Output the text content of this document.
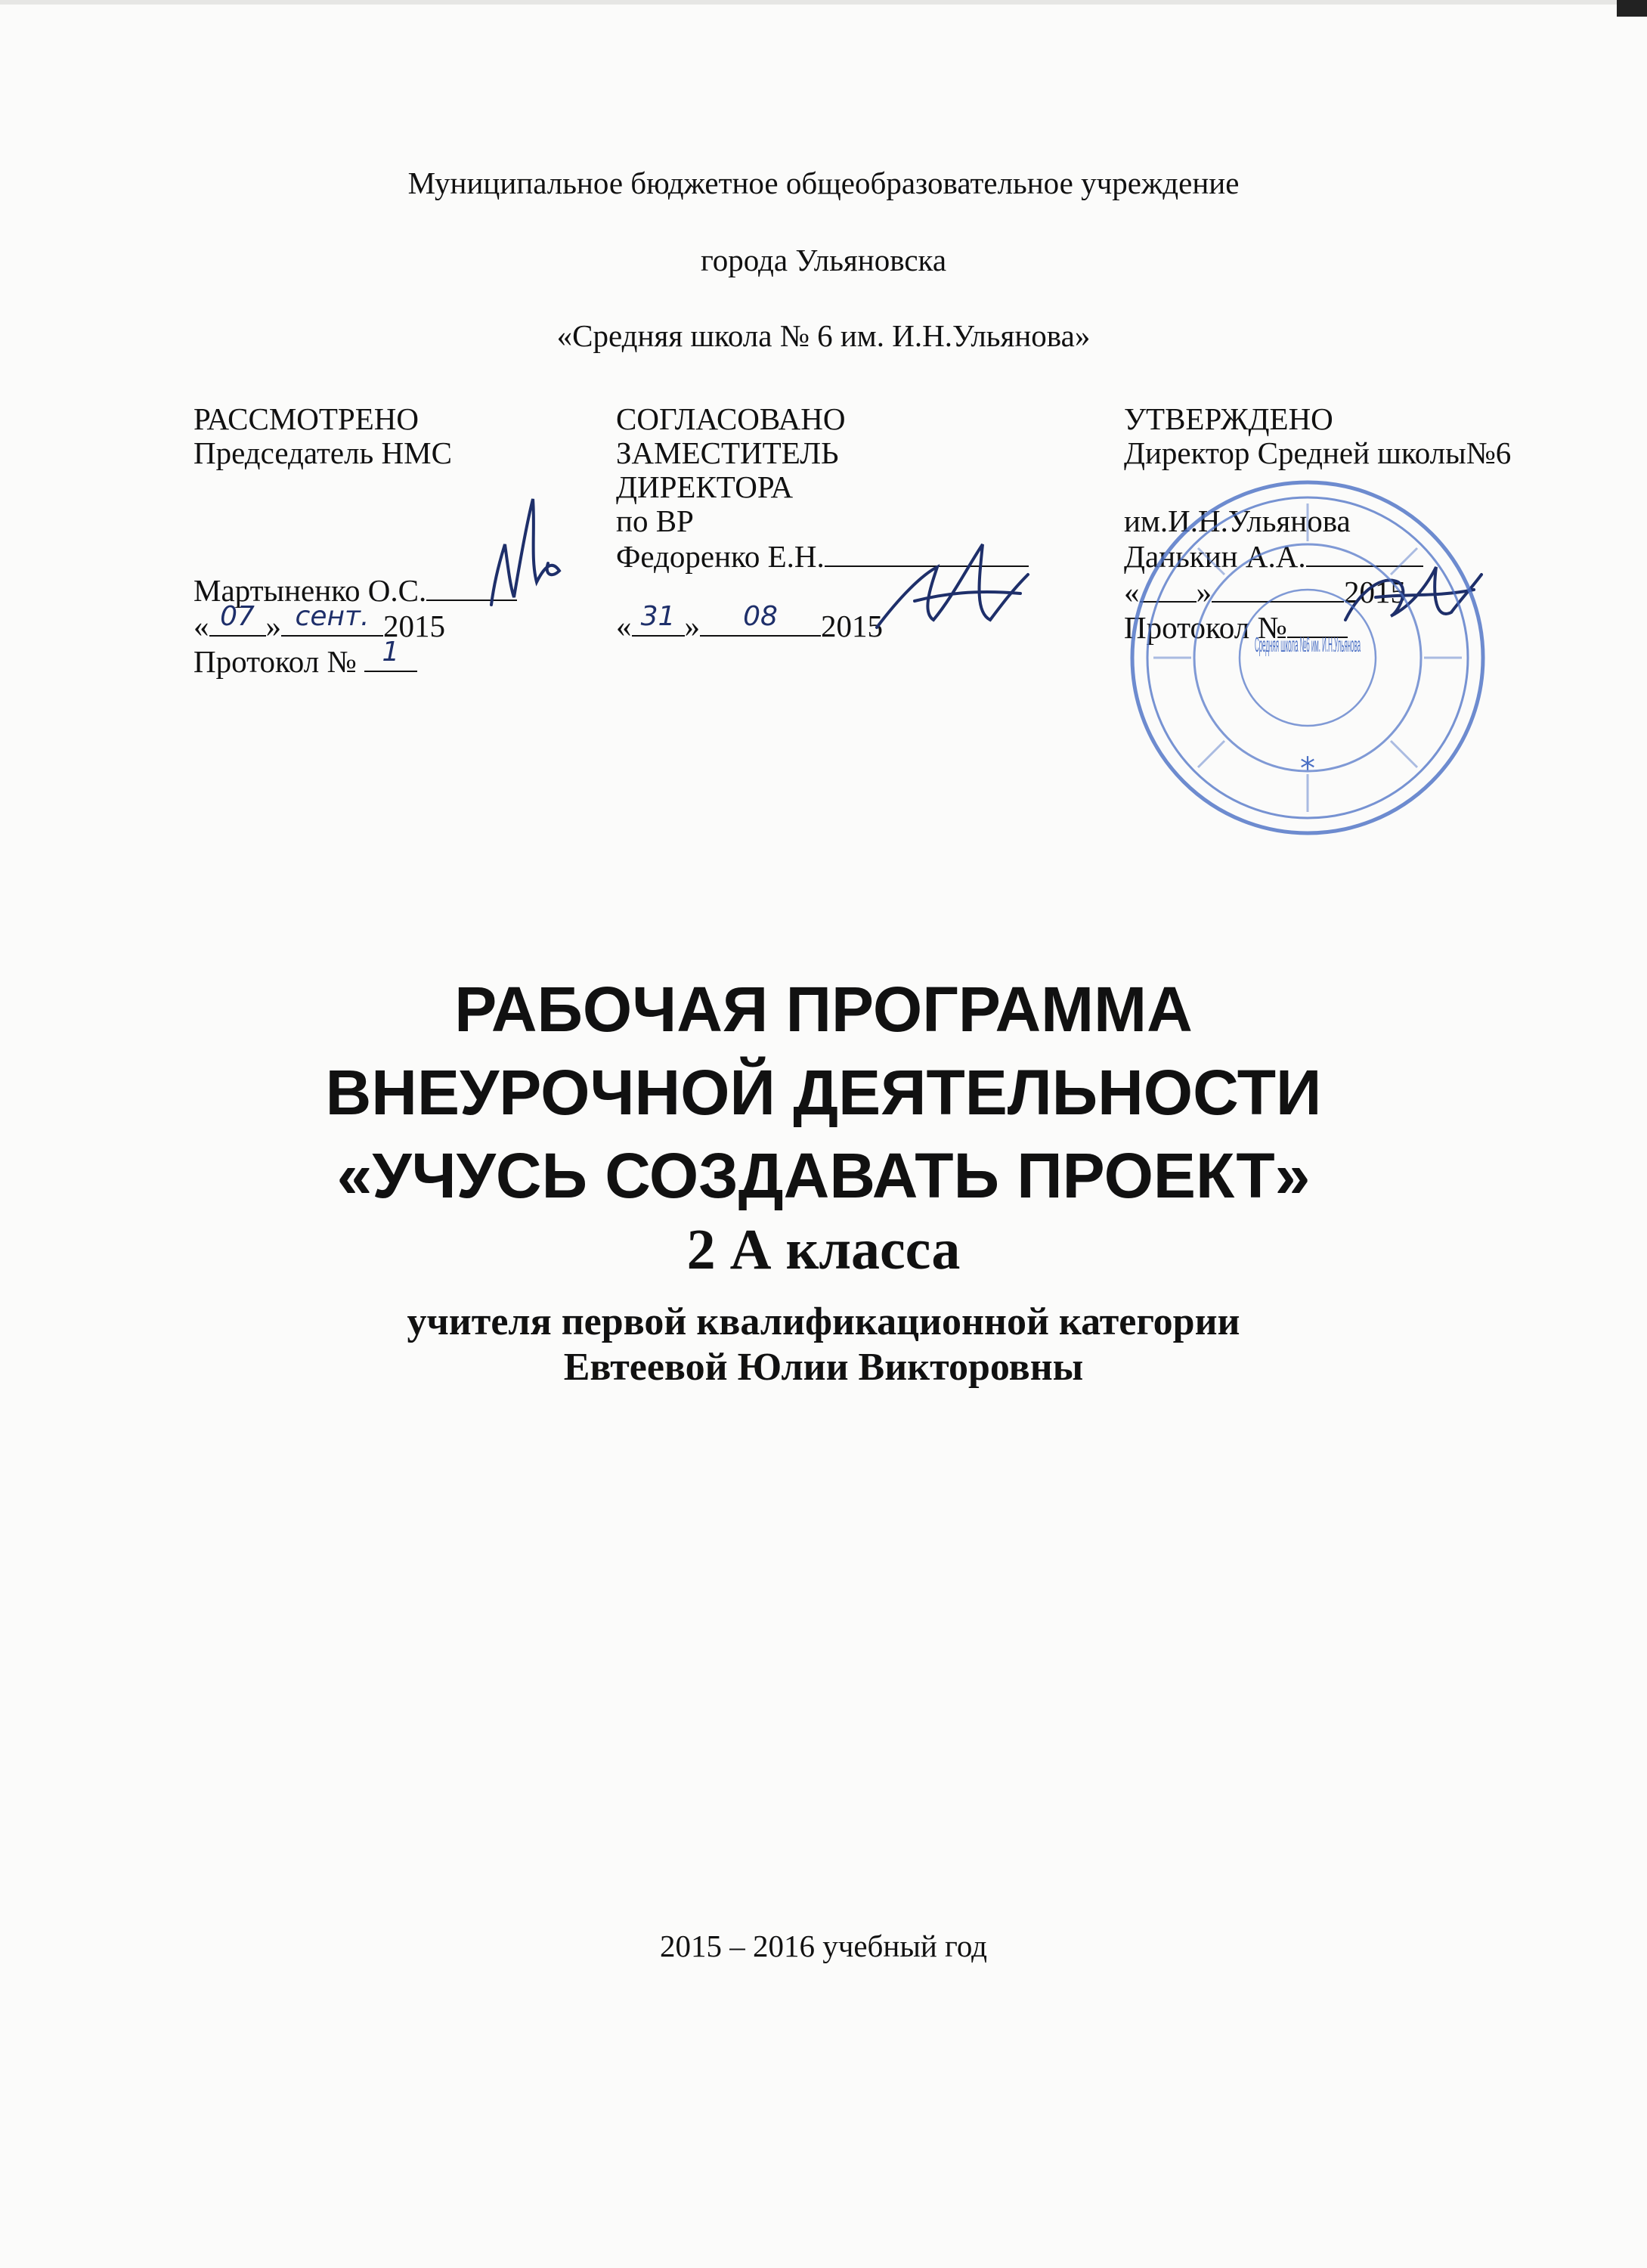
Муниципальное бюджетное общеобразовательное учреждение
города Ульяновска
«Средняя школа № 6 им. И.Н.Ульянова»
РАССМОТРЕНО
Председатель НМС
Мартыненко О.С.
« 07 » сент. 2015
Протокол № 1
СОГЛАСОВАНО
ЗАМЕСТИТЕЛЬ
ДИРЕКТОРА
по ВР
Федоренко Е.Н.
« 31 »	08	2015
УТВЕРЖДЕНО
Директор Средней школы№6
им.И.Н.Ульянова
Данькин А.А.
« »	2015
Протокол №
Средняя школа №6 им. И.Н.Ульянова
*
РАБОЧАЯ ПРОГРАММА
ВНЕУРОЧНОЙ ДЕЯТЕЛЬНОСТИ
«УЧУСЬ СОЗДАВАТЬ ПРОЕКТ»
2 А класса
учителя первой квалификационной категории
Евтеевой Юлии Викторовны
2015 – 2016 учебный год
